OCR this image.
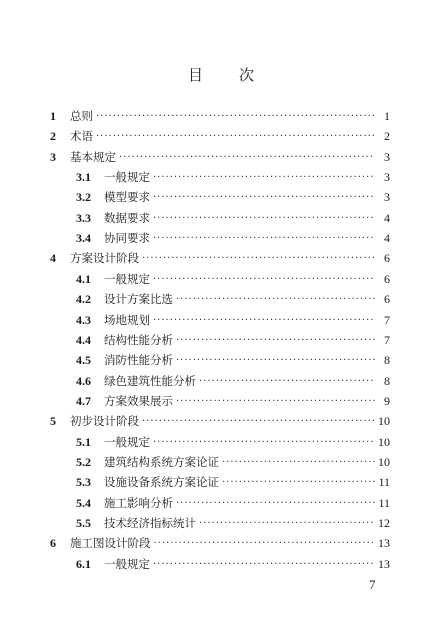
目 次
1	总则 ·····	1
2	术语 ·····	2
3	基本规定 ·····	3
3.1	一般规定 ·····	3
3.2	模型要求 ·····	3
3.3	数据要求 ·····	4
3.4	协同要求 ·····	4
4	方案设计阶段 ·····	6
4.1	一般规定 ·····	6
4.2	设计方案比选 ·····	6
4.3	场地规划 ·····	7
4.4	结构性能分析 ·····	7
4.5	消防性能分析 ·····	8
4.6	绿色建筑性能分析 ·····	8
4.7	方案效果展示 ·····	9
5	初步设计阶段 ·····	10
5.1	一般规定 ·····	10
5.2	建筑结构系统方案论证 ·····	10
5.3	设施设备系统方案论证 ·····	11
5.4	施工影响分析 ·····	11
5.5	技术经济指标统计 ·····	12
6	施工图设计阶段 ·····	13
6.1	一般规定 ·····	13
7
